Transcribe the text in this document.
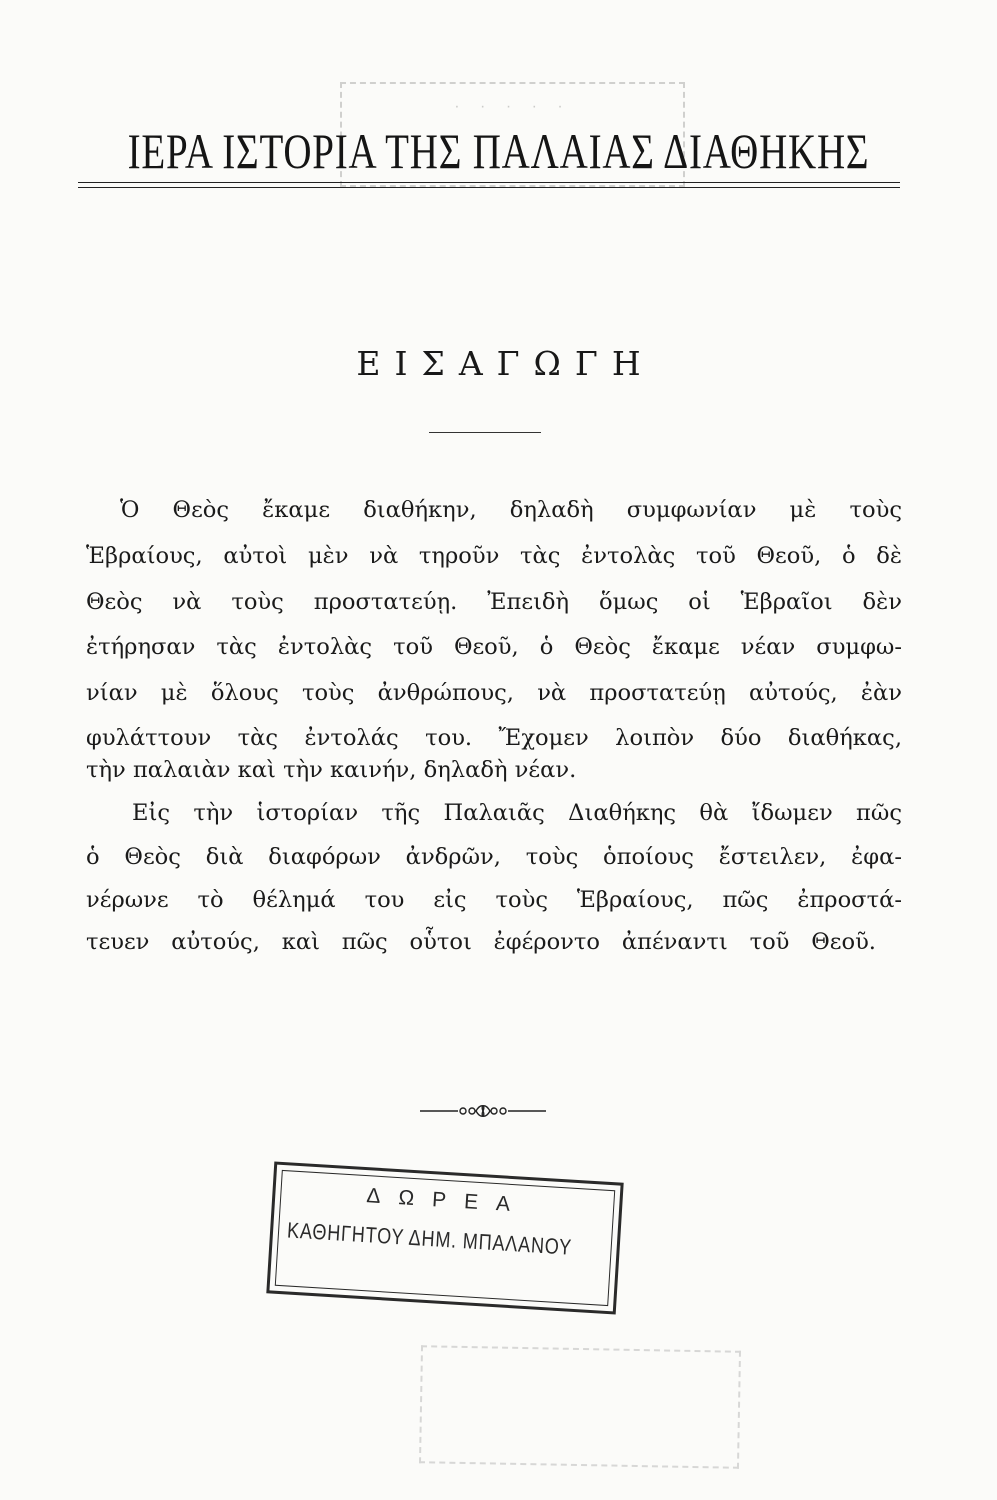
· · · · ·
ΙΕΡΑ ΙΣΤΟΡΙΑ ΤΗΣ ΠΑΛΑΙΑΣ ΔΙΑΘΗΚΗΣ
ΕΙΣΑΓΩΓΗ
Ὁ Θεὸς ἔκαμε διαθήκην, δηλαδὴ συμφωνίαν μὲ τοὺς
Ἑβραίους, αὐτοὶ μὲν νὰ τηροῦν τὰς ἐντολὰς τοῦ Θεοῦ, ὁ δὲ
Θεὸς νὰ τοὺς προστατεύῃ. Ἐπειδὴ ὅμως οἱ Ἑβραῖοι δὲν
ἐτήρησαν τὰς ἐντολὰς τοῦ Θεοῦ, ὁ Θεὸς ἔκαμε νέαν συμφω-
νίαν μὲ ὅλους τοὺς ἀνθρώπους, νὰ προστατεύῃ αὐτούς, ἐὰν
φυλάττουν τὰς ἐντολάς του. Ἔχομεν λοιπὸν δύο διαθήκας,
τὴν παλαιὰν καὶ τὴν καινήν, δηλαδὴ νέαν.
Εἰς τὴν ἱστορίαν τῆς Παλαιᾶς Διαθήκης θὰ ἴδωμεν πῶς
ὁ Θεὸς διὰ διαφόρων ἀνδρῶν, τοὺς ὁποίους ἔστειλεν, ἐφα-
νέρωνε τὸ θέλημά του εἰς τοὺς Ἑβραίους, πῶς ἐπροστά-
τευεν αὐτούς, καὶ πῶς οὗτοι ἐφέροντο ἀπέναντι τοῦ Θεοῦ.
ΔΩΡΕΑ
ΚΑΘΗΓΗΤΟΥ ΔΗΜ. ΜΠΑΛΑΝΟΥ
